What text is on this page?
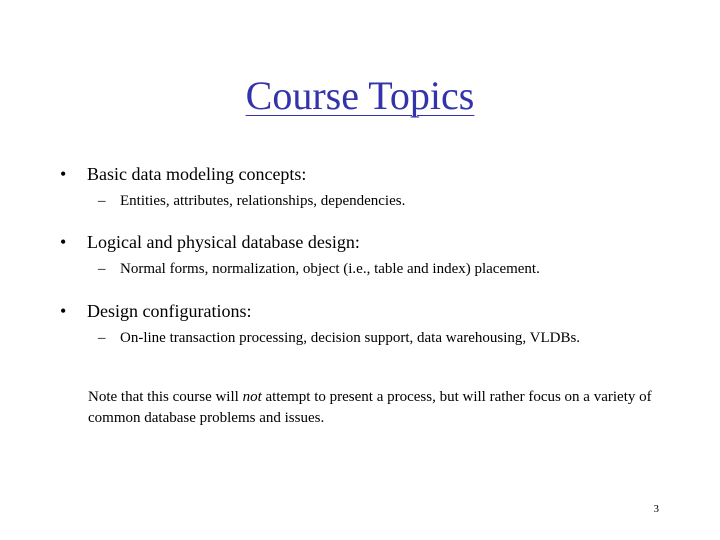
Course Topics
• Basic data modeling concepts:
– Entities, attributes, relationships, dependencies.
• Logical and physical database design:
– Normal forms, normalization, object (i.e., table and index) placement.
• Design configurations:
– On-line transaction processing, decision support, data warehousing, VLDBs.
Note that this course will not attempt to present a process, but will rather focus on a variety of common database problems and issues.
3
